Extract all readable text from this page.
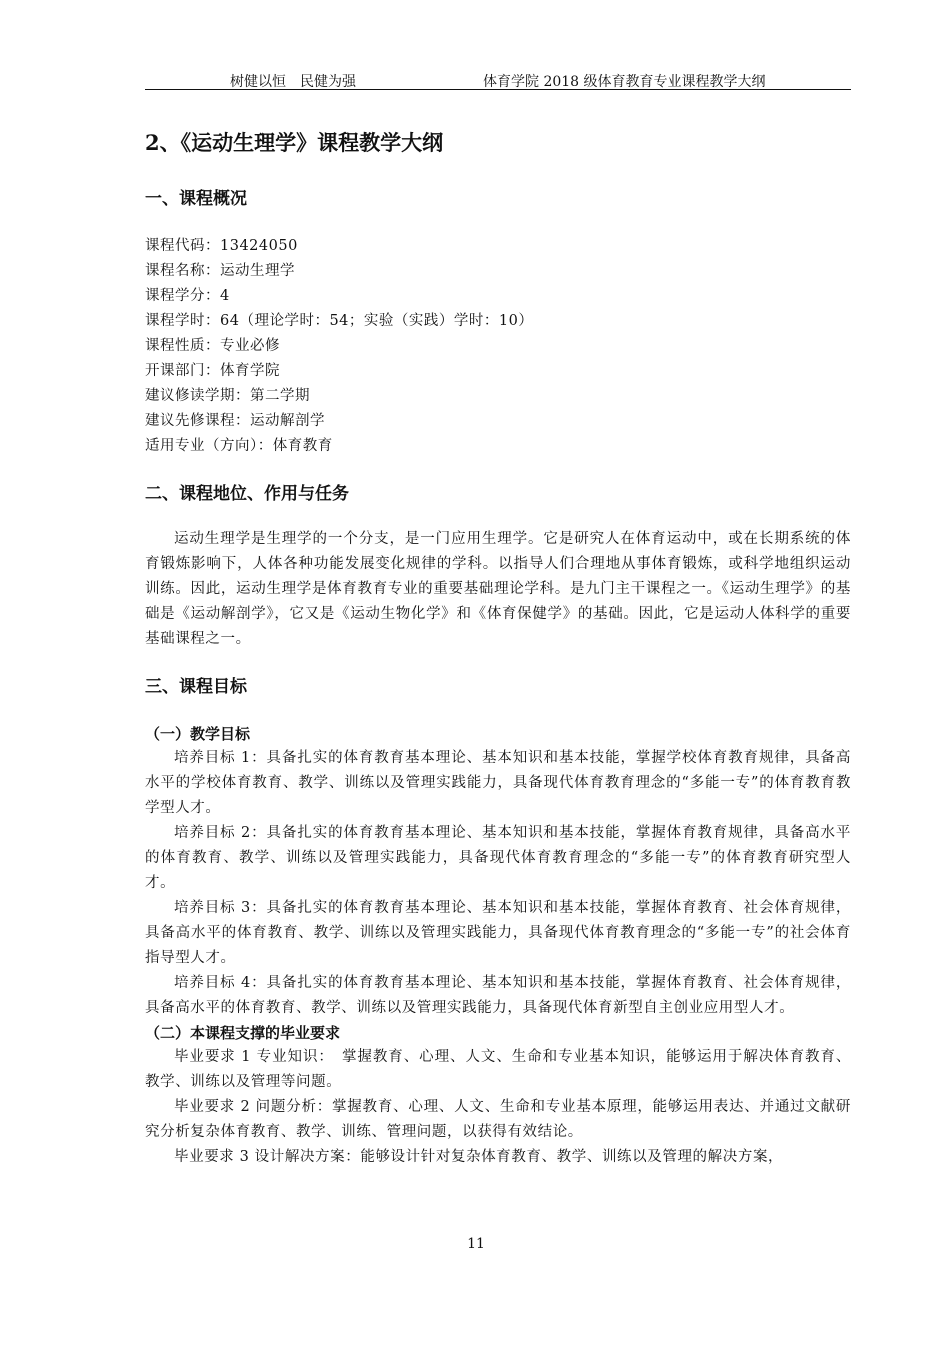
树健以恒　民健为强	体育学院 2018 级体育教育专业课程教学大纲
2、《运动生理学》课程教学大纲
一、课程概况
课程代码：13424050
课程名称：运动生理学
课程学分：4
课程学时：64（理论学时：54；实验（实践）学时：10）
课程性质：专业必修
开课部门：体育学院
建议修读学期：第二学期
建议先修课程：运动解剖学
适用专业（方向）：体育教育
二、课程地位、作用与任务

运动生理学是生理学的一个分支，是一门应用生理学。它是研究人在体育运动中，或在长期系统的体育锻炼影响下，人体各种功能发展变化规律的学科。以指导人们合理地从事体育锻炼，或科学地组织运动训练。因此，运动生理学是体育教育专业的重要基础理论学科。是九门主干课程之一。《运动生理学》的基础是《运动解剖学》，它又是《运动生物化学》和《体育保健学》的基础。因此，它是运动人体科学的重要基础课程之一。

三、课程目标
（一）教学目标

培养目标 1：具备扎实的体育教育基本理论、基本知识和基本技能，掌握学校体育教育规律，具备高水平的学校体育教育、教学、训练以及管理实践能力，具备现代体育教育理念的“多能一专”的体育教育教学型人才。

培养目标 2：具备扎实的体育教育基本理论、基本知识和基本技能，掌握体育教育规律，具备高水平的体育教育、教学、训练以及管理实践能力，具备现代体育教育理念的“多能一专”的体育教育研究型人才。

培养目标 3：具备扎实的体育教育基本理论、基本知识和基本技能，掌握体育教育、社会体育规律，具备高水平的体育教育、教学、训练以及管理实践能力，具备现代体育教育理念的“多能一专”的社会体育指导型人才。

培养目标 4：具备扎实的体育教育基本理论、基本知识和基本技能，掌握体育教育、社会体育规律，具备高水平的体育教育、教学、训练以及管理实践能力，具备现代体育新型自主创业应用型人才。

（二）本课程支撑的毕业要求

毕业要求 1 专业知识：　掌握教育、心理、人文、生命和专业基本知识，能够运用于解决体育教育、教学、训练以及管理等问题。

毕业要求 2 问题分析：掌握教育、心理、人文、生命和专业基本原理，能够运用表达、并通过文献研究分析复杂体育教育、教学、训练、管理问题，以获得有效结论。

毕业要求 3 设计解决方案：能够设计针对复杂体育教育、教学、训练以及管理的解决方案，

11
